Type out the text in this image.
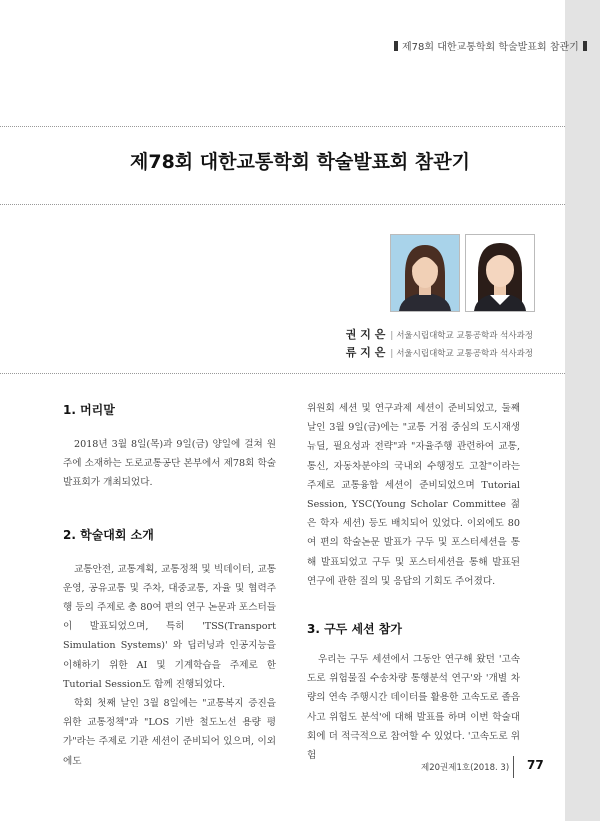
제78회 대한교통학회 학술발표회 참관기
제78회 대한교통학회 학술발표회 참관기
권 지 은 | 서울시립대학교 교통공학과 석사과정
류 지 은 | 서울시립대학교 교통공학과 석사과정
1. 머리말

2018년 3월 8일(목)과 9일(금) 양일에 걸쳐 원주에 소재하는 도로교통공단 본부에서 제78회 학술발표회가 개최되었다.

2. 학술대회 소개

교통안전, 교통계획, 교통정책 및 빅데이터, 교통운영, 공유교통 및 주차, 대중교통, 자율 및 협력주행 등의 주제로 총 80여 편의 연구 논문과 포스터들이 발표되었으며, 특히 'TSS(Transport Simulation Systems)' 와 딥러닝과 인공지능을 이해하기 위한 AI 및 기계학습을 주제로 한 Tutorial Session도 함께 진행되었다.

학회 첫째 날인 3월 8일에는 "교통복지 증진을 위한 교통정책"과 "LOS 기반 철도노선 용량 평가"라는 주제로 기관 세션이 준비되어 있으며, 이외에도

위원회 세션 및 연구과제 세션이 준비되었고, 둘째 날인 3월 9일(금)에는 "교통 거점 중심의 도시재생 뉴딜, 필요성과 전략"과 "자율주행 관련하여 교통, 통신, 자동차분야의 국내외 수행정도 고찰"이라는 주제로 교통융합 세션이 준비되었으며 Tutorial Session, YSC(Young Scholar Committee 젊은 학자 세션) 등도 배치되어 있었다. 이외에도 80여 편의 학술논문 발표가 구두 및 포스터세션을 통해 발표되었고 구두 및 포스터세션을 통해 발표된 연구에 관한 질의 및 응답의 기회도 주어졌다.

3. 구두 세션 참가

우리는 구두 세션에서 그동안 연구해 왔던 '고속도로 위험물질 수송차량 통행분석 연구'와 '개별 차량의 연속 주행시간 데이터를 활용한 고속도로 졸음사고 위험도 분석'에 대해 발표를 하며 이번 학술대회에 더 적극적으로 참여할 수 있었다. '고속도로 위험

제20권제1호(2018. 3) 77
